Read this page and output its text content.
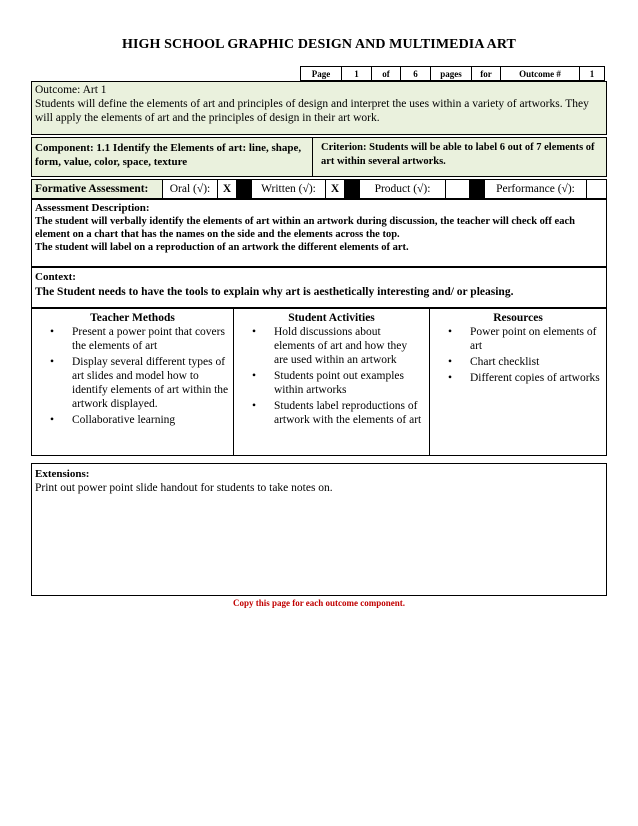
HIGH SCHOOL GRAPHIC DESIGN AND MULTIMEDIA ART
Page	1	of	6	pages	for	Outcome #	1
Outcome: Art 1
Students will define the elements of art and principles of design and interpret the uses within a variety of artworks. They will apply the elements of art and the principles of design in their art work.
Component: 1.1 Identify the Elements of art: line, shape, form, value, color, space, texture
Criterion: Students will be able to label 6 out of 7 elements of art within several artworks.
Formative Assessment:	Oral (√):	X	Written (√):	X	Product (√):	Performance (√):
Assessment Description:
The student will verbally identify the elements of art within an artwork during discussion, the teacher will check off each element on a chart that has the names on the side and the elements across the top.
The student will label on a reproduction of an artwork the different elements of art.
Context:
The Student needs to have the tools to explain why art is aesthetically interesting and/ or pleasing.
Teacher Methods
• Present a power point that covers the elements of art
• Display several different types of art slides and model how to identify elements of art within the artwork displayed.
• Collaborative learning
Student Activities
• Hold discussions about elements of art and how they are used within an artwork
• Students point out examples within artworks
• Students label reproductions of artwork with the elements of art
Resources
• Power point on elements of art
• Chart checklist
• Different copies of artworks
Extensions:
Print out power point slide handout for students to take notes on.
Copy this page for each outcome component.
